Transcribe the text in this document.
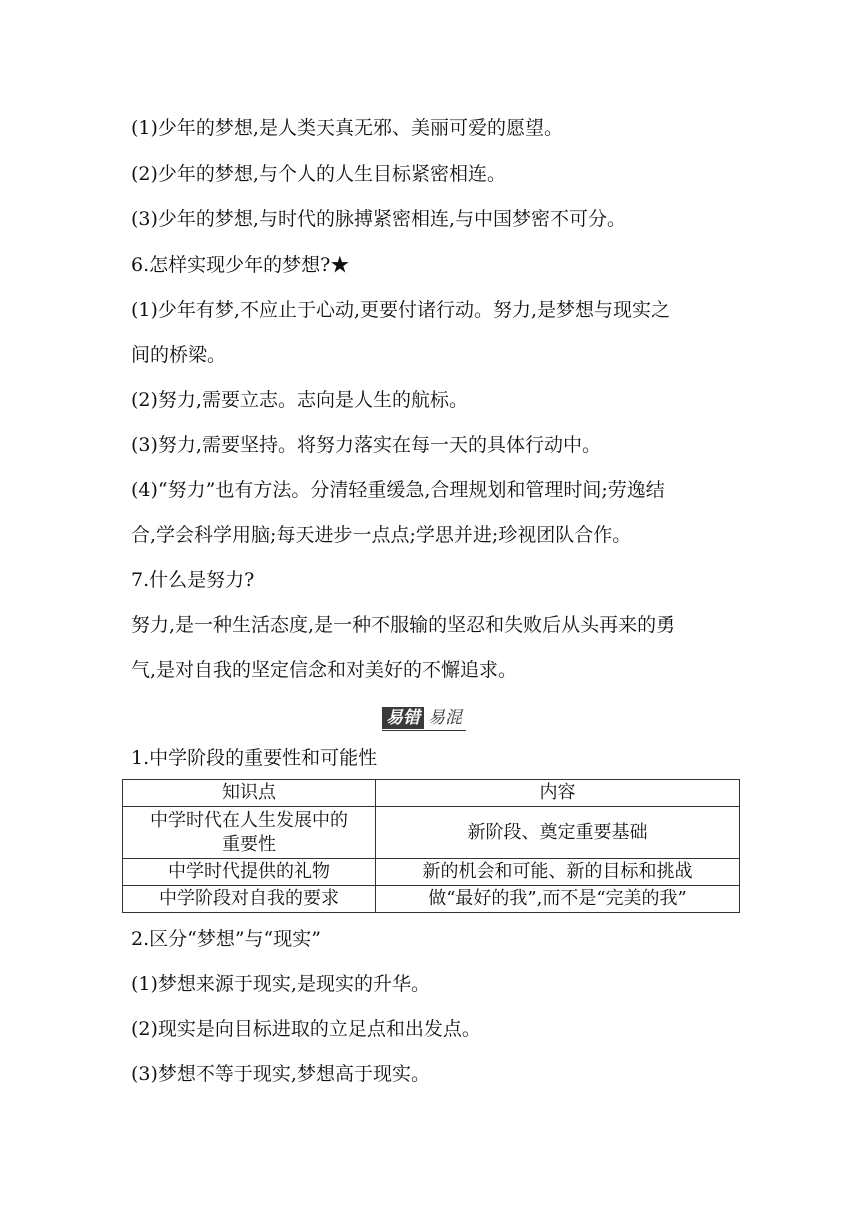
(1)少年的梦想,是人类天真无邪、美丽可爱的愿望。
(2)少年的梦想,与个人的人生目标紧密相连。
(3)少年的梦想,与时代的脉搏紧密相连,与中国梦密不可分。
6.怎样实现少年的梦想?★
(1)少年有梦,不应止于心动,更要付诸行动。努力,是梦想与现实之
间的桥梁。
(2)努力,需要立志。志向是人生的航标。
(3)努力,需要坚持。将努力落实在每一天的具体行动中。
(4)“努力”也有方法。分清轻重缓急,合理规划和管理时间;劳逸结
合,学会科学用脑;每天进步一点点;学思并进;珍视团队合作。
7.什么是努力?
努力,是一种生活态度,是一种不服输的坚忍和失败后从头再来的勇
气,是对自我的坚定信念和对美好的不懈追求。
易错 易混
1.中学阶段的重要性和可能性
知识点	内容

中学时代在人生发展中的
重要性	新阶段、奠定重要基础
中学时代提供的礼物	新的机会和可能、新的目标和挑战
中学阶段对自我的要求	做“最好的我”,而不是“完美的我”
2.区分“梦想”与“现实”
(1)梦想来源于现实,是现实的升华。
(2)现实是向目标进取的立足点和出发点。
(3)梦想不等于现实,梦想高于现实。
